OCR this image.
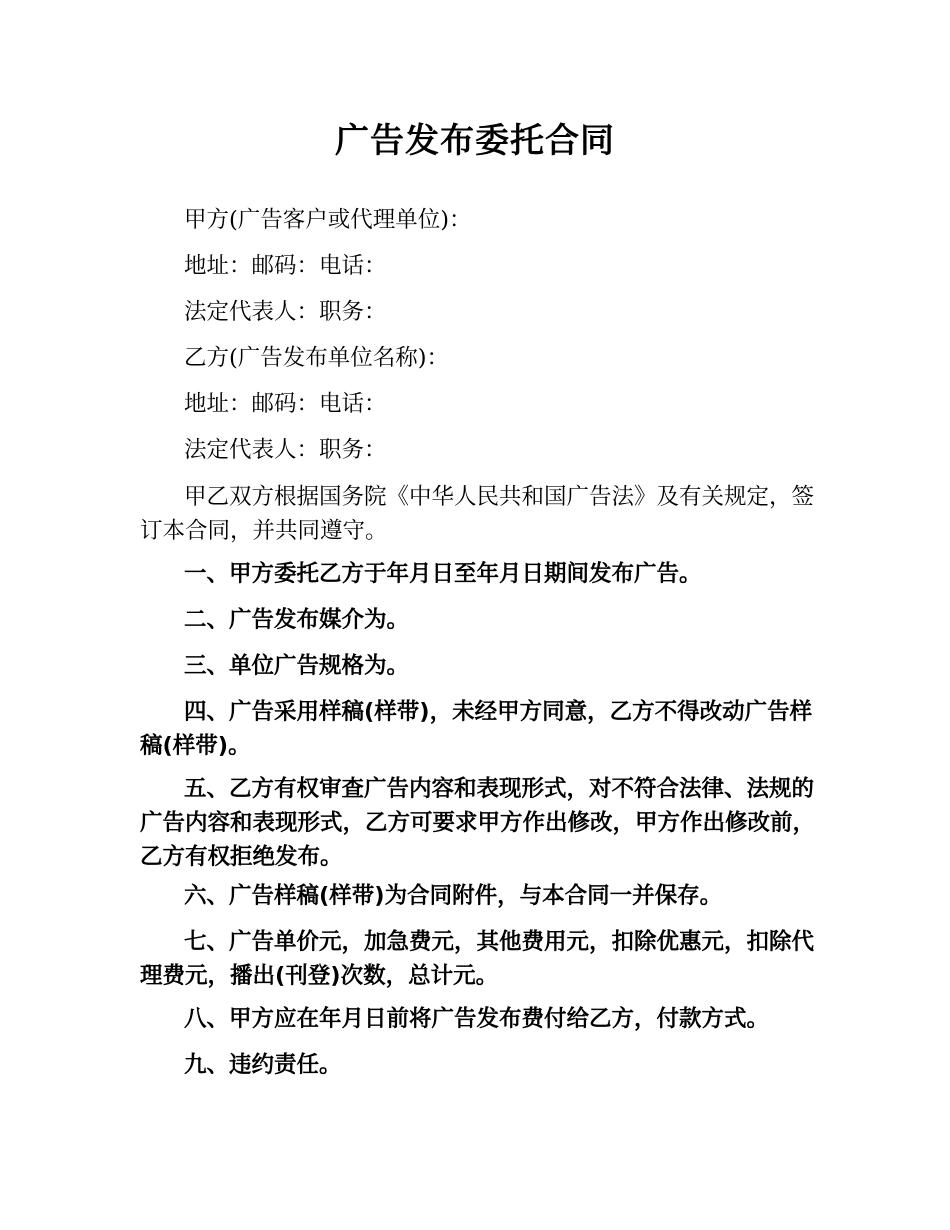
广告发布委托合同

甲方(广告客户或代理单位)：

地址：邮码：电话：

法定代表人：职务：

乙方(广告发布单位名称)：

地址：邮码：电话：

法定代表人：职务：

甲乙双方根据国务院《中华人民共和国广告法》及有关规定，签订本合同，并共同遵守。

一、甲方委托乙方于年月日至年月日期间发布广告。

二、广告发布媒介为。

三、单位广告规格为。

四、广告采用样稿(样带)，未经甲方同意，乙方不得改动广告样稿(样带)。

五、乙方有权审查广告内容和表现形式，对不符合法律、法规的广告内容和表现形式，乙方可要求甲方作出修改，甲方作出修改前，乙方有权拒绝发布。

六、广告样稿(样带)为合同附件，与本合同一并保存。

七、广告单价元，加急费元，其他费用元，扣除优惠元，扣除代理费元，播出(刊登)次数，总计元。

八、甲方应在年月日前将广告发布费付给乙方，付款方式。

九、违约责任。
